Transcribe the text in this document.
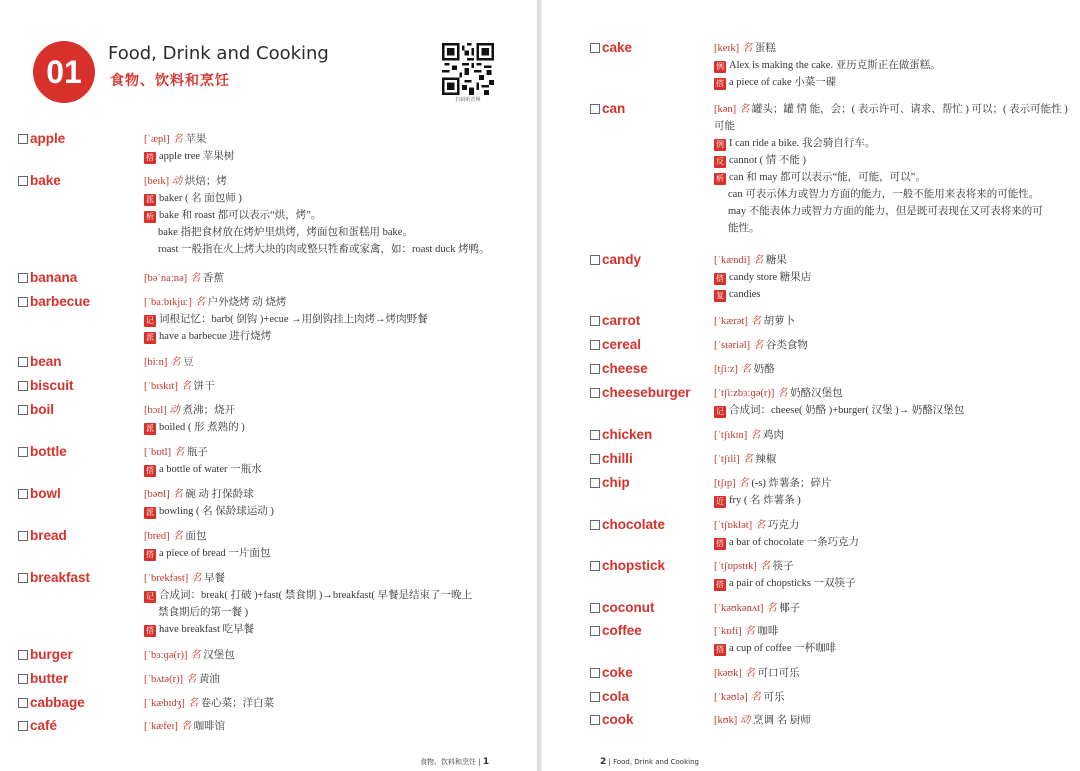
01
Food, Drink and Cooking
食物、饮料和烹饪
扫码听音频
apple	[ˈæpl] 名 苹果
搭 apple tree 苹果树
bake	[beɪk] 动 烘焙；烤
派 baker ( 名 面包师 )
析 bake 和 roast 都可以表示“烘，烤”。
bake 指把食材放在烤炉里烘烤，烤面包和蛋糕用 bake。
roast 一般指在火上烤大块的肉或整只牲畜或家禽，如：roast duck 烤鸭。
banana	[bəˈnaːnə] 名 香蕉
barbecue	[ˈbaːbɪkjuː] 名 户外烧烤 动 烧烤
记 词根记忆：barb( 倒钩 )+ecue →用倒钩挂上肉烤→烤肉野餐
派 have a barbecue 进行烧烤
bean	[biːn] 名 豆
biscuit	[ˈbɪskɪt] 名 饼干
boil	[bɔɪl] 动 煮沸；烧开
派 boiled ( 形 煮熟的 )
bottle	[ˈbɒtl] 名 瓶子
搭 a bottle of water 一瓶水
bowl	[bəʊl] 名 碗 动 打保龄球
派 bowling ( 名 保龄球运动 )
bread	[bred] 名 面包
搭 a piece of bread 一片面包
breakfast	[ˈbrekfəst] 名 早餐
记 合成词：break( 打破 )+fast( 禁食期 )→breakfast( 早餐是结束了一晚上
禁食期后的第一餐 )
搭 have breakfast 吃早餐
burger	[ˈbɜːɡə(r)] 名 汉堡包
butter	[ˈbʌtə(r)] 名 黄油
cabbage	[ˈkæbɪdʒ] 名 卷心菜；洋白菜
café	[ˈkæfeɪ] 名 咖啡馆
食物、饮料和烹饪 | 1
cake	[keɪk] 名 蛋糕
例 Alex is making the cake. 亚历克斯正在做蛋糕。
搭 a piece of cake 小菜一碟
can	[kən] 名 罐头；罐 情 能，会；( 表示许可、请求、帮忙 ) 可以；( 表示可能性 )
可能
例 I can ride a bike. 我会骑自行车。
反 cannot ( 情 不能 )
析 can 和 may 都可以表示“能，可能，可以”。
can 可表示体力或智力方面的能力，一般不能用来表将来的可能性。
may 不能表体力或智力方面的能力，但是既可表现在又可表将来的可
能性。
candy	[ˈkændi] 名 糖果
搭 candy store 糖果店
复 candies
carrot	[ˈkærət] 名 胡萝卜
cereal	[ˈsɪəriəl] 名 谷类食物
cheese	[tʃiːz] 名 奶酪
cheeseburger [ˈtʃiːzbɜːɡə(r)] 名 奶酪汉堡包
记 合成词：cheese( 奶酪 )+burger( 汉堡 )→ 奶酪汉堡包
chicken	[ˈtʃɪkɪn] 名 鸡肉
chilli	[ˈtʃɪli] 名 辣椒
chip	[tʃɪp] 名 (-s) 炸薯条；碎片
近 fry ( 名 炸薯条 )
chocolate	[ˈtʃɒklət] 名 巧克力
搭 a bar of chocolate 一条巧克力
chopstick	[ˈtʃɒpstɪk] 名 筷子
搭 a pair of chopsticks 一双筷子
coconut	[ˈkəʊkənʌt] 名 椰子
coffee	[ˈkɒfi] 名 咖啡
搭 a cup of coffee 一杯咖啡
coke	[kəʊk] 名 可口可乐
cola	[ˈkəʊlə] 名 可乐
cook	[kʊk] 动 烹调 名 厨师
2 | Food, Drink and Cooking
